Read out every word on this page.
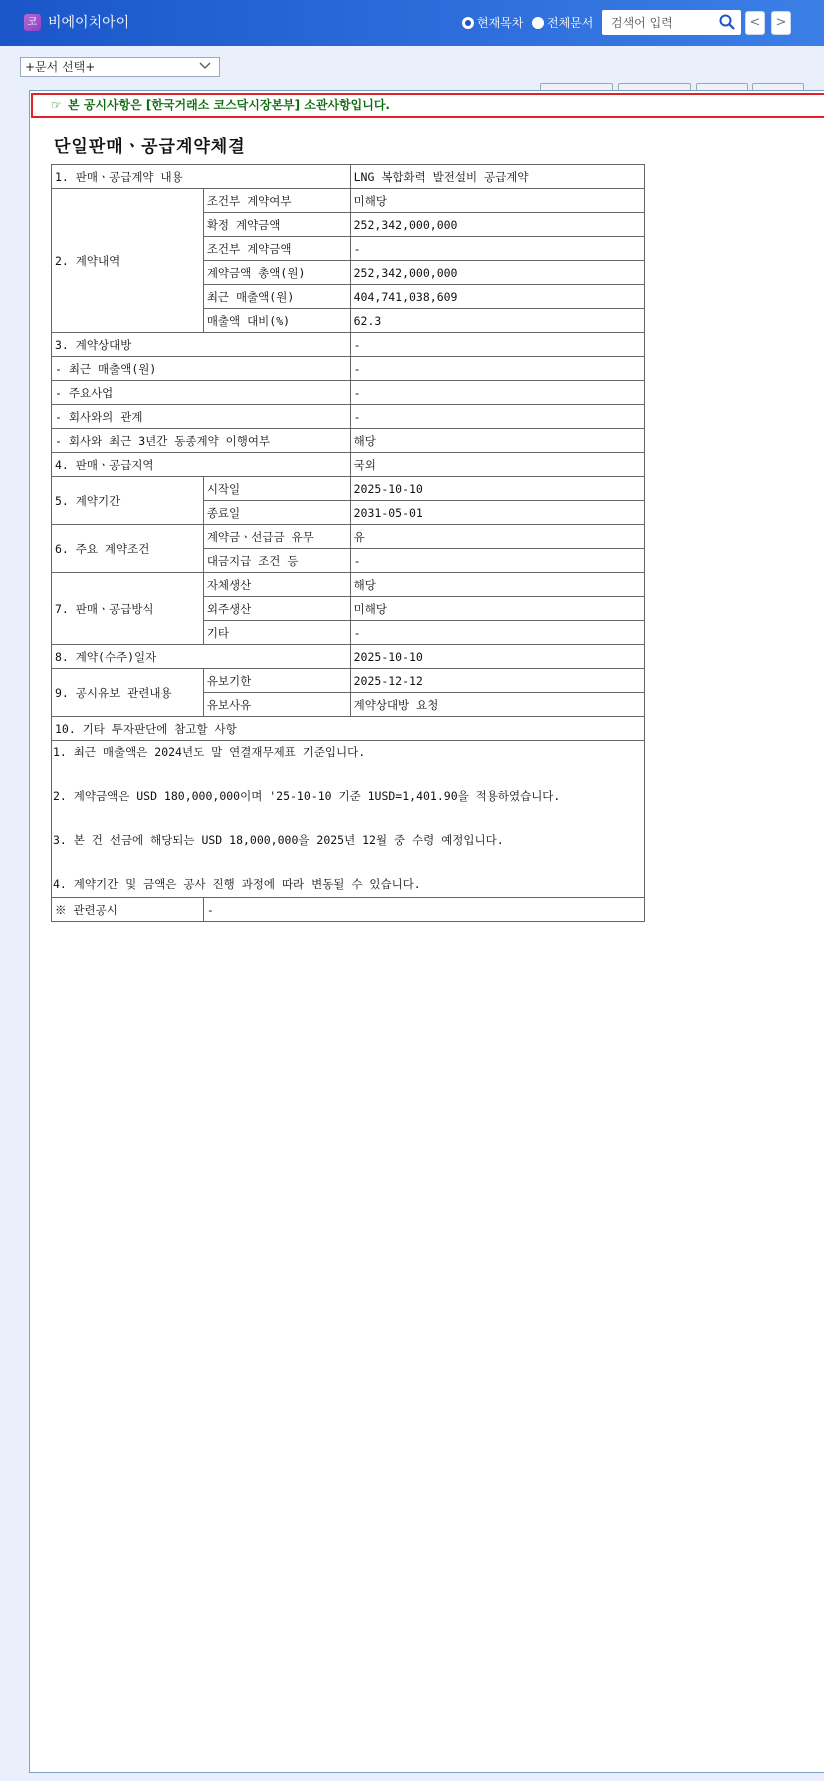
코 비에이치아이	현재목차 전체문서 검색어 입력	<	>
+문서 선택+
☞ 본 공시사항은 [한국거래소 코스닥시장본부] 소관사항입니다.
단일판매ㆍ공급계약체결
1. 판매ㆍ공급계약 내용		LNG 복합화력 발전설비 공급계약
2. 계약내역	조건부 계약여부	미해당
	확정 계약금액	252,342,000,000
	조건부 계약금액	-
	계약금액 총액(원)	252,342,000,000
	최근 매출액(원)	404,741,038,609
	매출액 대비(%)	62.3
3. 계약상대방		-
- 최근 매출액(원)		-
- 주요사업		-
- 회사와의 관계		-
- 회사와 최근 3년간 동종계약 이행여부		해당
4. 판매ㆍ공급지역		국외
5. 계약기간	시작일	2025-10-10
	종료일	2031-05-01
6. 주요 계약조건	계약금ㆍ선급금 유무	유
	대금지급 조건 등	-
7. 판매ㆍ공급방식	자체생산	해당
	외주생산	미해당
	기타	-
8. 계약(수주)일자		2025-10-10
9. 공시유보 관련내용	유보기한	2025-12-12
	유보사유	계약상대방 요청
10. 기타 투자판단에 참고할 사항		

1. 최근 매출액은 2024년도 말 연결재무제표 기준입니다.

2. 계약금액은 USD 180,000,000이며 '25-10-10 기준 1USD=1,401.90을 적용하였습니다.

3. 본 건 선금에 해당되는 USD 18,000,000을 2025년 12월 중 수령 예정입니다.

4. 계약기간 및 금액은 공사 진행 과정에 따라 변동될 수 있습니다.		

※ 관련공시	-	
